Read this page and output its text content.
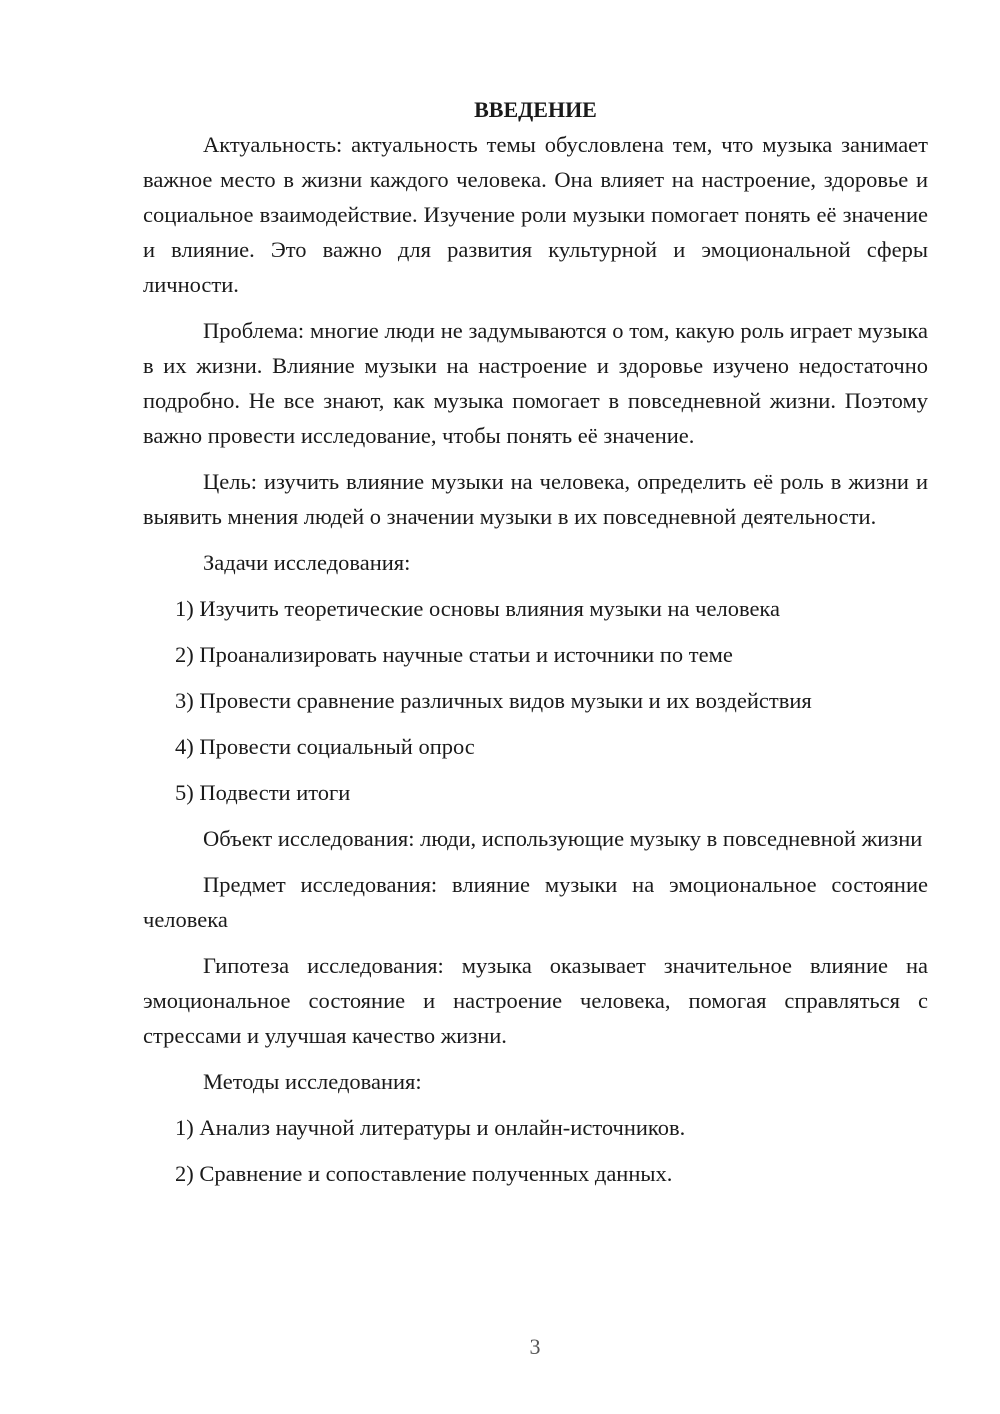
ВВЕДЕНИЕ

Актуальность: актуальность темы обусловлена тем, что музыка занимает важное место в жизни каждого человека. Она влияет на настроение, здоровье и социальное взаимодействие. Изучение роли музыки помогает понять её значение и влияние. Это важно для развития культурной и эмоциональной сферы личности.

Проблема: многие люди не задумываются о том, какую роль играет музыка в их жизни. Влияние музыки на настроение и здоровье изучено недостаточно подробно. Не все знают, как музыка помогает в повседневной жизни. Поэтому важно провести исследование, чтобы понять её значение.

Цель: изучить влияние музыки на человека, определить её роль в жизни и выявить мнения людей о значении музыки в их повседневной деятельности.

Задачи исследования:

1) Изучить теоретические основы влияния музыки на человека

2) Проанализировать научные статьи и источники по теме

3) Провести сравнение различных видов музыки и их воздействия

4) Провести социальный опрос

5) Подвести итоги

Объект исследования: люди, использующие музыку в повседневной жизни

Предмет исследования: влияние музыки на эмоциональное состояние человека

Гипотеза исследования: музыка оказывает значительное влияние на эмоциональное состояние и настроение человека, помогая справляться с стрессами и улучшая качество жизни.

Методы исследования:

1) Анализ научной литературы и онлайн-источников.

2) Сравнение и сопоставление полученных данных.

3
